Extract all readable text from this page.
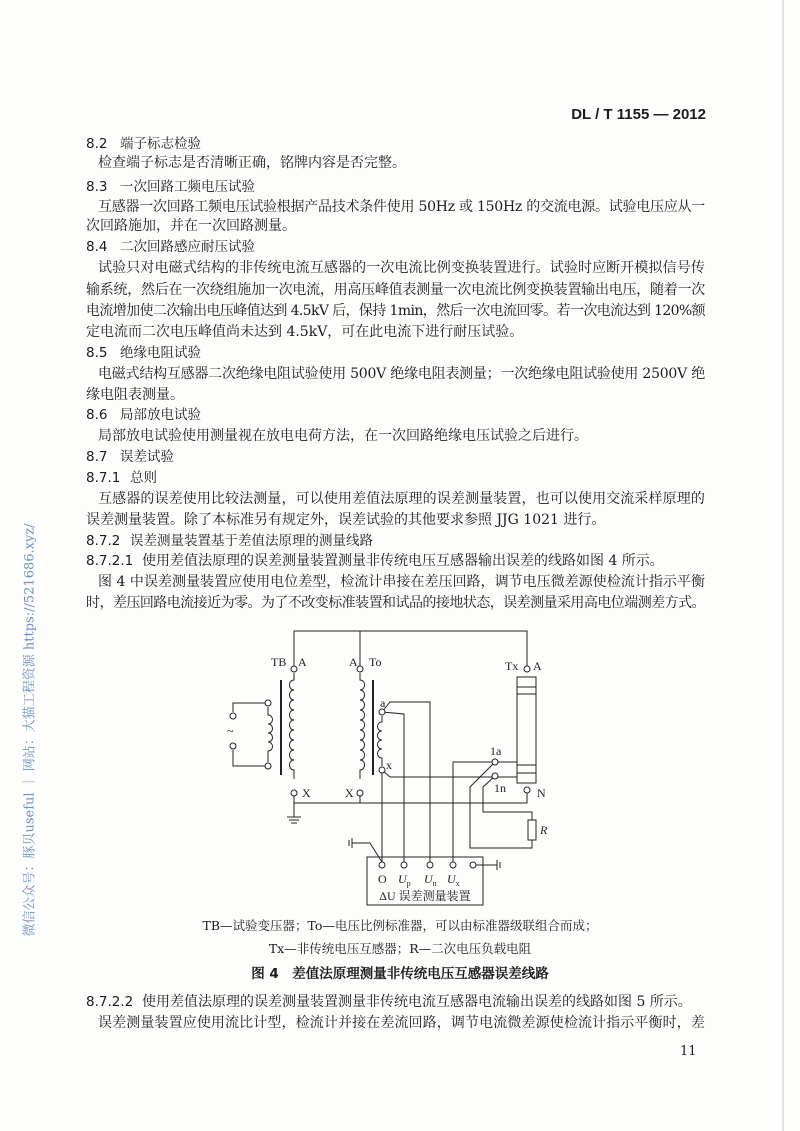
DL / T 1155 — 2012
微信公众号：豚贝useful ｜ 网站：大猫工程资源 https://521686.xyz/
8.2 端子标志检验
检查端子标志是否清晰正确，铭牌内容是否完整。
8.3 一次回路工频电压试验
互感器一次回路工频电压试验根据产品技术条件使用 50Hz 或 150Hz 的交流电源。试验电压应从一
次回路施加，并在一次回路测量。
8.4 二次回路感应耐压试验
试验只对电磁式结构的非传统电流互感器的一次电流比例变换装置进行。试验时应断开模拟信号传
输系统，然后在一次绕组施加一次电流，用高压峰值表测量一次电流比例变换装置输出电压，随着一次
电流增加使二次输出电压峰值达到 4.5kV 后，保持 1min，然后一次电流回零。若一次电流达到 120%额
定电流而二次电压峰值尚未达到 4.5kV，可在此电流下进行耐压试验。
8.5 绝缘电阻试验
电磁式结构互感器二次绝缘电阻试验使用 500V 绝缘电阻表测量；一次绝缘电阻试验使用 2500V 绝
缘电阻表测量。
8.6 局部放电试验
局部放电试验使用测量视在放电电荷方法，在一次回路绝缘电压试验之后进行。
8.7 误差试验
8.7.1 总则
互感器的误差使用比较法测量，可以使用差值法原理的误差测量装置，也可以使用交流采样原理的
误差测量装置。除了本标准另有规定外，误差试验的其他要求参照 JJG 1021 进行。
8.7.2 误差测量装置基于差值法原理的测量线路
8.7.2.1 使用差值法原理的误差测量装置测量非传统电压互感器输出误差的线路如图 4 所示。
图 4 中误差测量装置应使用电位差型，检流计串接在差压回路，调节电压微差源使检流计指示平衡
时，差压回路电流接近为零。为了不改变标准装置和试品的接地状态，误差测量采用高电位端测差方式。
TB A	A To	Tx A
X	X
a
x
1a
1n	N
R
~
O $U_p$ $U_n$ $U_x$
ΔU 误差测量装置
TB—试验变压器；To—电压比例标准器，可以由标准器级联组合而成；
Tx—非传统电压互感器；R—二次电压负载电阻
图 4　差值法原理测量非传统电压互感器误差线路
8.7.2.2 使用差值法原理的误差测量装置测量非传统电流互感器电流输出误差的线路如图 5 所示。
误差测量装置应使用流比计型，检流计并接在差流回路，调节电流微差源使检流计指示平衡时，差
11
